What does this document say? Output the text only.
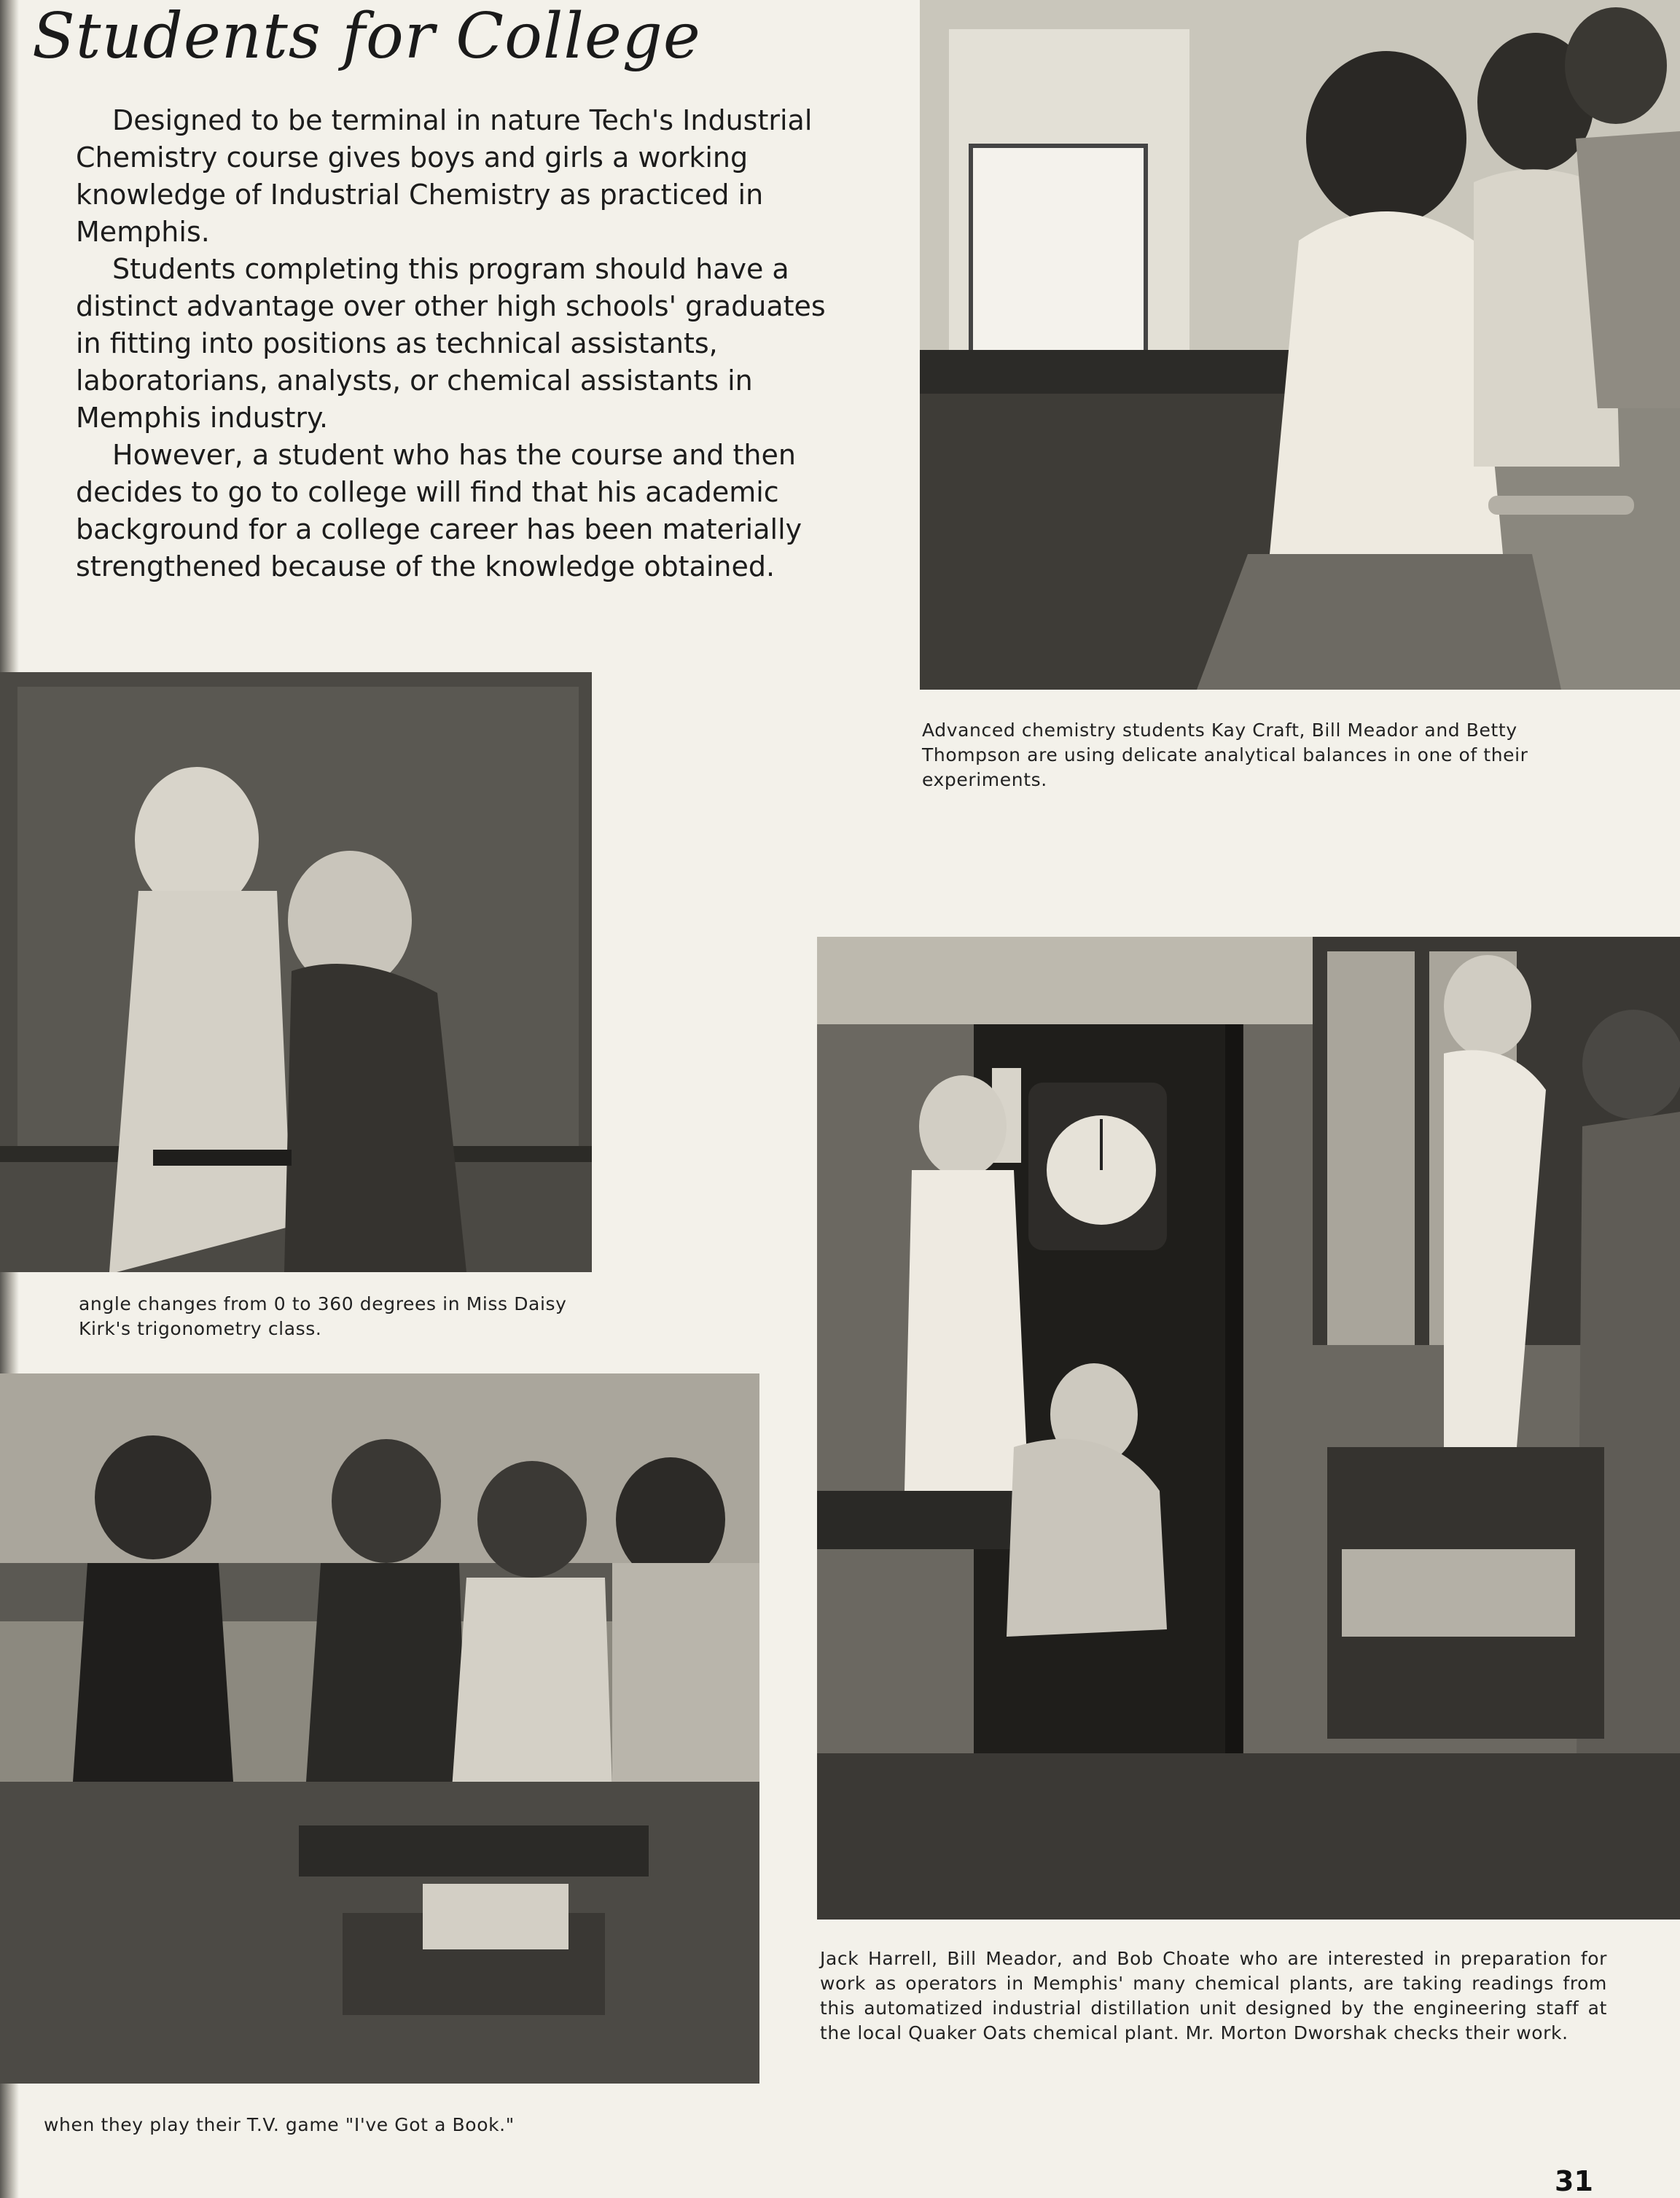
Students for College

Designed to be terminal in nature Tech's Industrial Chemistry course gives boys and girls a working knowledge of Industrial Chemistry as practiced in Memphis.

Students completing this program should have a distinct advantage over other high schools' graduates in fitting into positions as technical assistants, laboratorians, analysts, or chemical assistants in Memphis industry.

However, a student who has the course and then decides to go to college will find that his academic background for a college career has been materially strengthened because of the knowledge obtained.

Advanced chemistry students Kay Craft, Bill Meador and Betty Thompson are using delicate analytical balances in one of their experiments.
angle changes from 0 to 360 degrees in Miss Daisy Kirk's trigonometry class.
Jack Harrell, Bill Meador, and Bob Choate who are interested in preparation for work as operators in Memphis' many chemical plants, are taking readings from this automatized industrial distillation unit designed by the engineering staff at the local Quaker Oats chemical plant. Mr. Morton Dworshak checks their work.
when they play their T.V. game "I've Got a Book."
31
